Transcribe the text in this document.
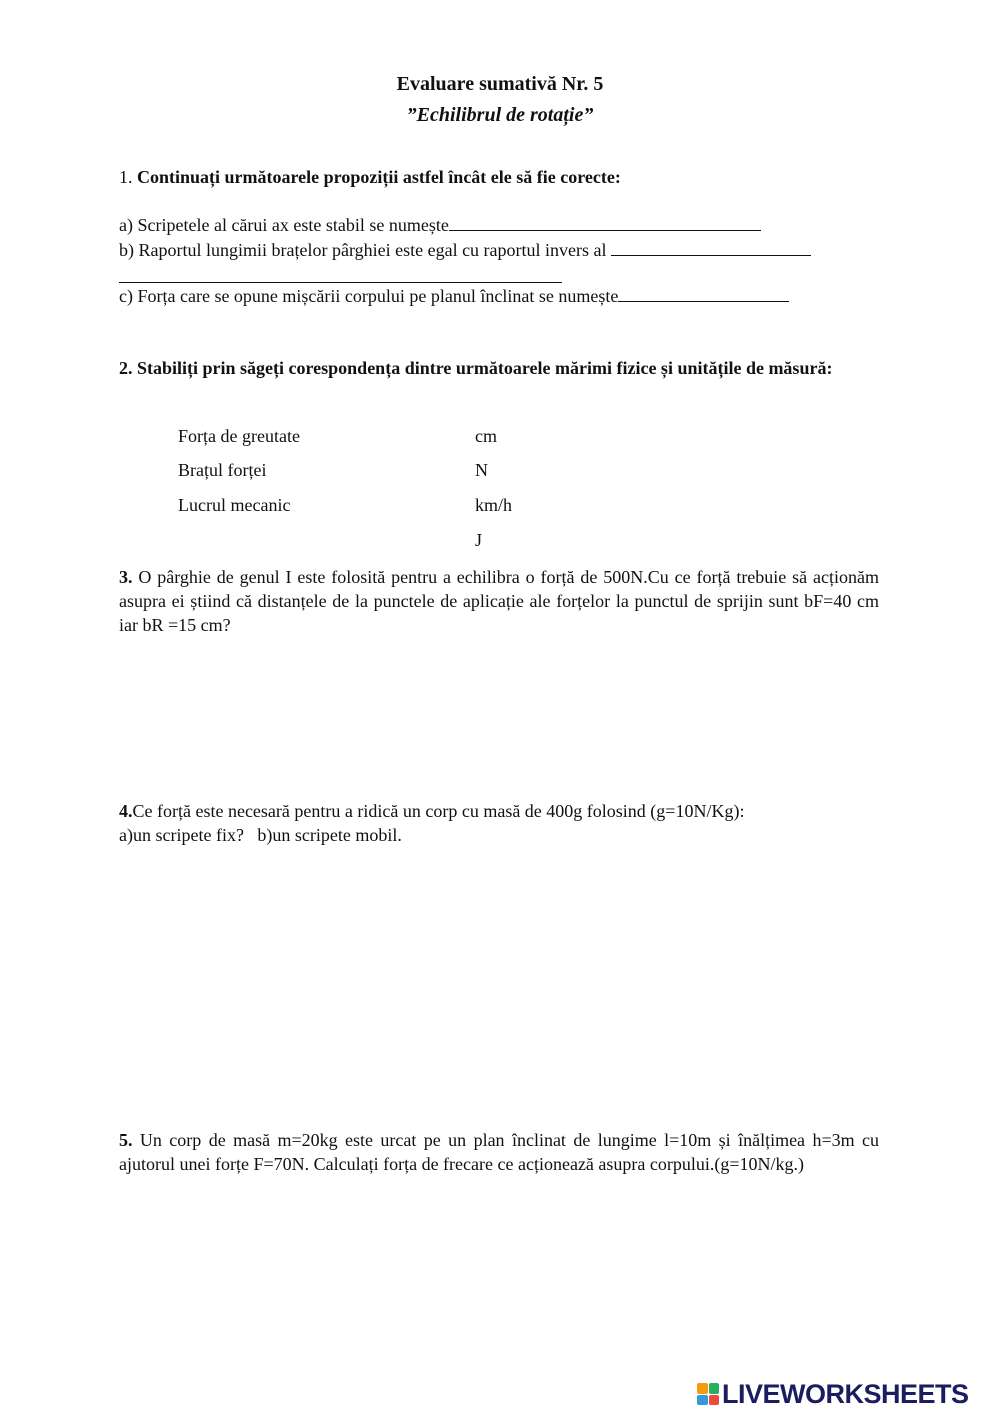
Evaluare sumativă Nr. 5
”Echilibrul de rotație”
1. Continuați următoarele propoziții astfel încât ele să fie corecte:
a) Scripetele al cărui ax este stabil se numește
b) Raportul lungimii brațelor pârghiei este egal cu raportul invers al
c) Forța care se opune mișcării corpului pe planul înclinat se numește
2. Stabiliți prin săgeți corespondența dintre următoarele mărimi fizice și unitățile de măsură:
Forța de greutate
Brațul forței
Lucrul mecanic
cm
N
km/h
J
3. O pârghie de genul I este folosită pentru a echilibra o forță de 500N.Cu ce forță trebuie să acționăm asupra ei știind că distanțele de la punctele de aplicație ale forțelor la punctul de sprijin sunt bF=40 cm iar bR =15 cm?
4.Ce forță este necesară pentru a ridică un corp cu masă de 400g folosind (g=10N/Kg):
a)un scripete fix?   b)un scripete mobil.
5. Un corp de masă m=20kg este urcat pe un plan înclinat de lungime l=10m și înălțimea h=3m cu ajutorul unei forțe F=70N. Calculați forța de frecare ce acționează asupra corpului.(g=10N/kg.)
LIVEWORKSHEETS
